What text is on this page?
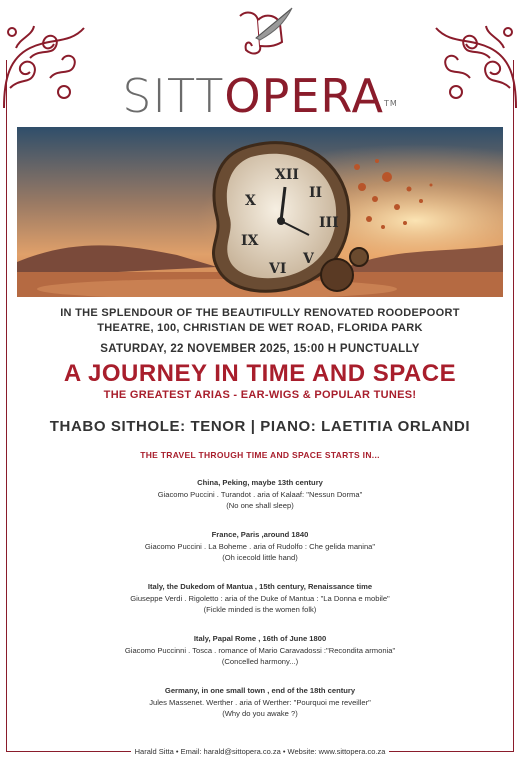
SITTOPERA™
XII
II
III
V
VI
IX
X
IN THE SPLENDOUR OF THE BEAUTIFULLY RENOVATED ROODEPOORT
THEATRE, 100, CHRISTIAN DE WET ROAD, FLORIDA PARK
SATURDAY, 22 NOVEMBER 2025, 15:00 H PUNCTUALLY
A JOURNEY IN TIME AND SPACE
THE GREATEST ARIAS - EAR-WIGS & POPULAR TUNES!
THABO SITHOLE: TENOR | PIANO: LAETITIA ORLANDI
THE TRAVEL THROUGH TIME AND SPACE STARTS IN...
China, Peking, maybe 13th century
Giacomo Puccini . Turandot . aria of Kalaaf: "Nessun Dorma"
(No one shall sleep)
France, Paris ,around 1840
Giacomo Puccini . La Boheme . aria of Rudolfo : Che gelida manina"
(Oh icecold little hand)
Italy, the Dukedom of Mantua , 15th century, Renaissance time
Giuseppe Verdi . Rigoletto : aria of the Duke of Mantua : "La Donna e mobile"
(Fickle minded is the women folk)
Italy, Papal Rome , 16th of June 1800
Giacomo Puccinni . Tosca . romance of Mario Caravadossi :"Recondita armonia"
(Concelled harmony...)
Germany, in one small town , end of the 18th century
Jules Massenet. Werther . aria of Werther: "Pourquoi me reveiller"
(Why do you awake ?)
Harald Sitta • Email: harald@sittopera.co.za • Website: www.sittopera.co.za
